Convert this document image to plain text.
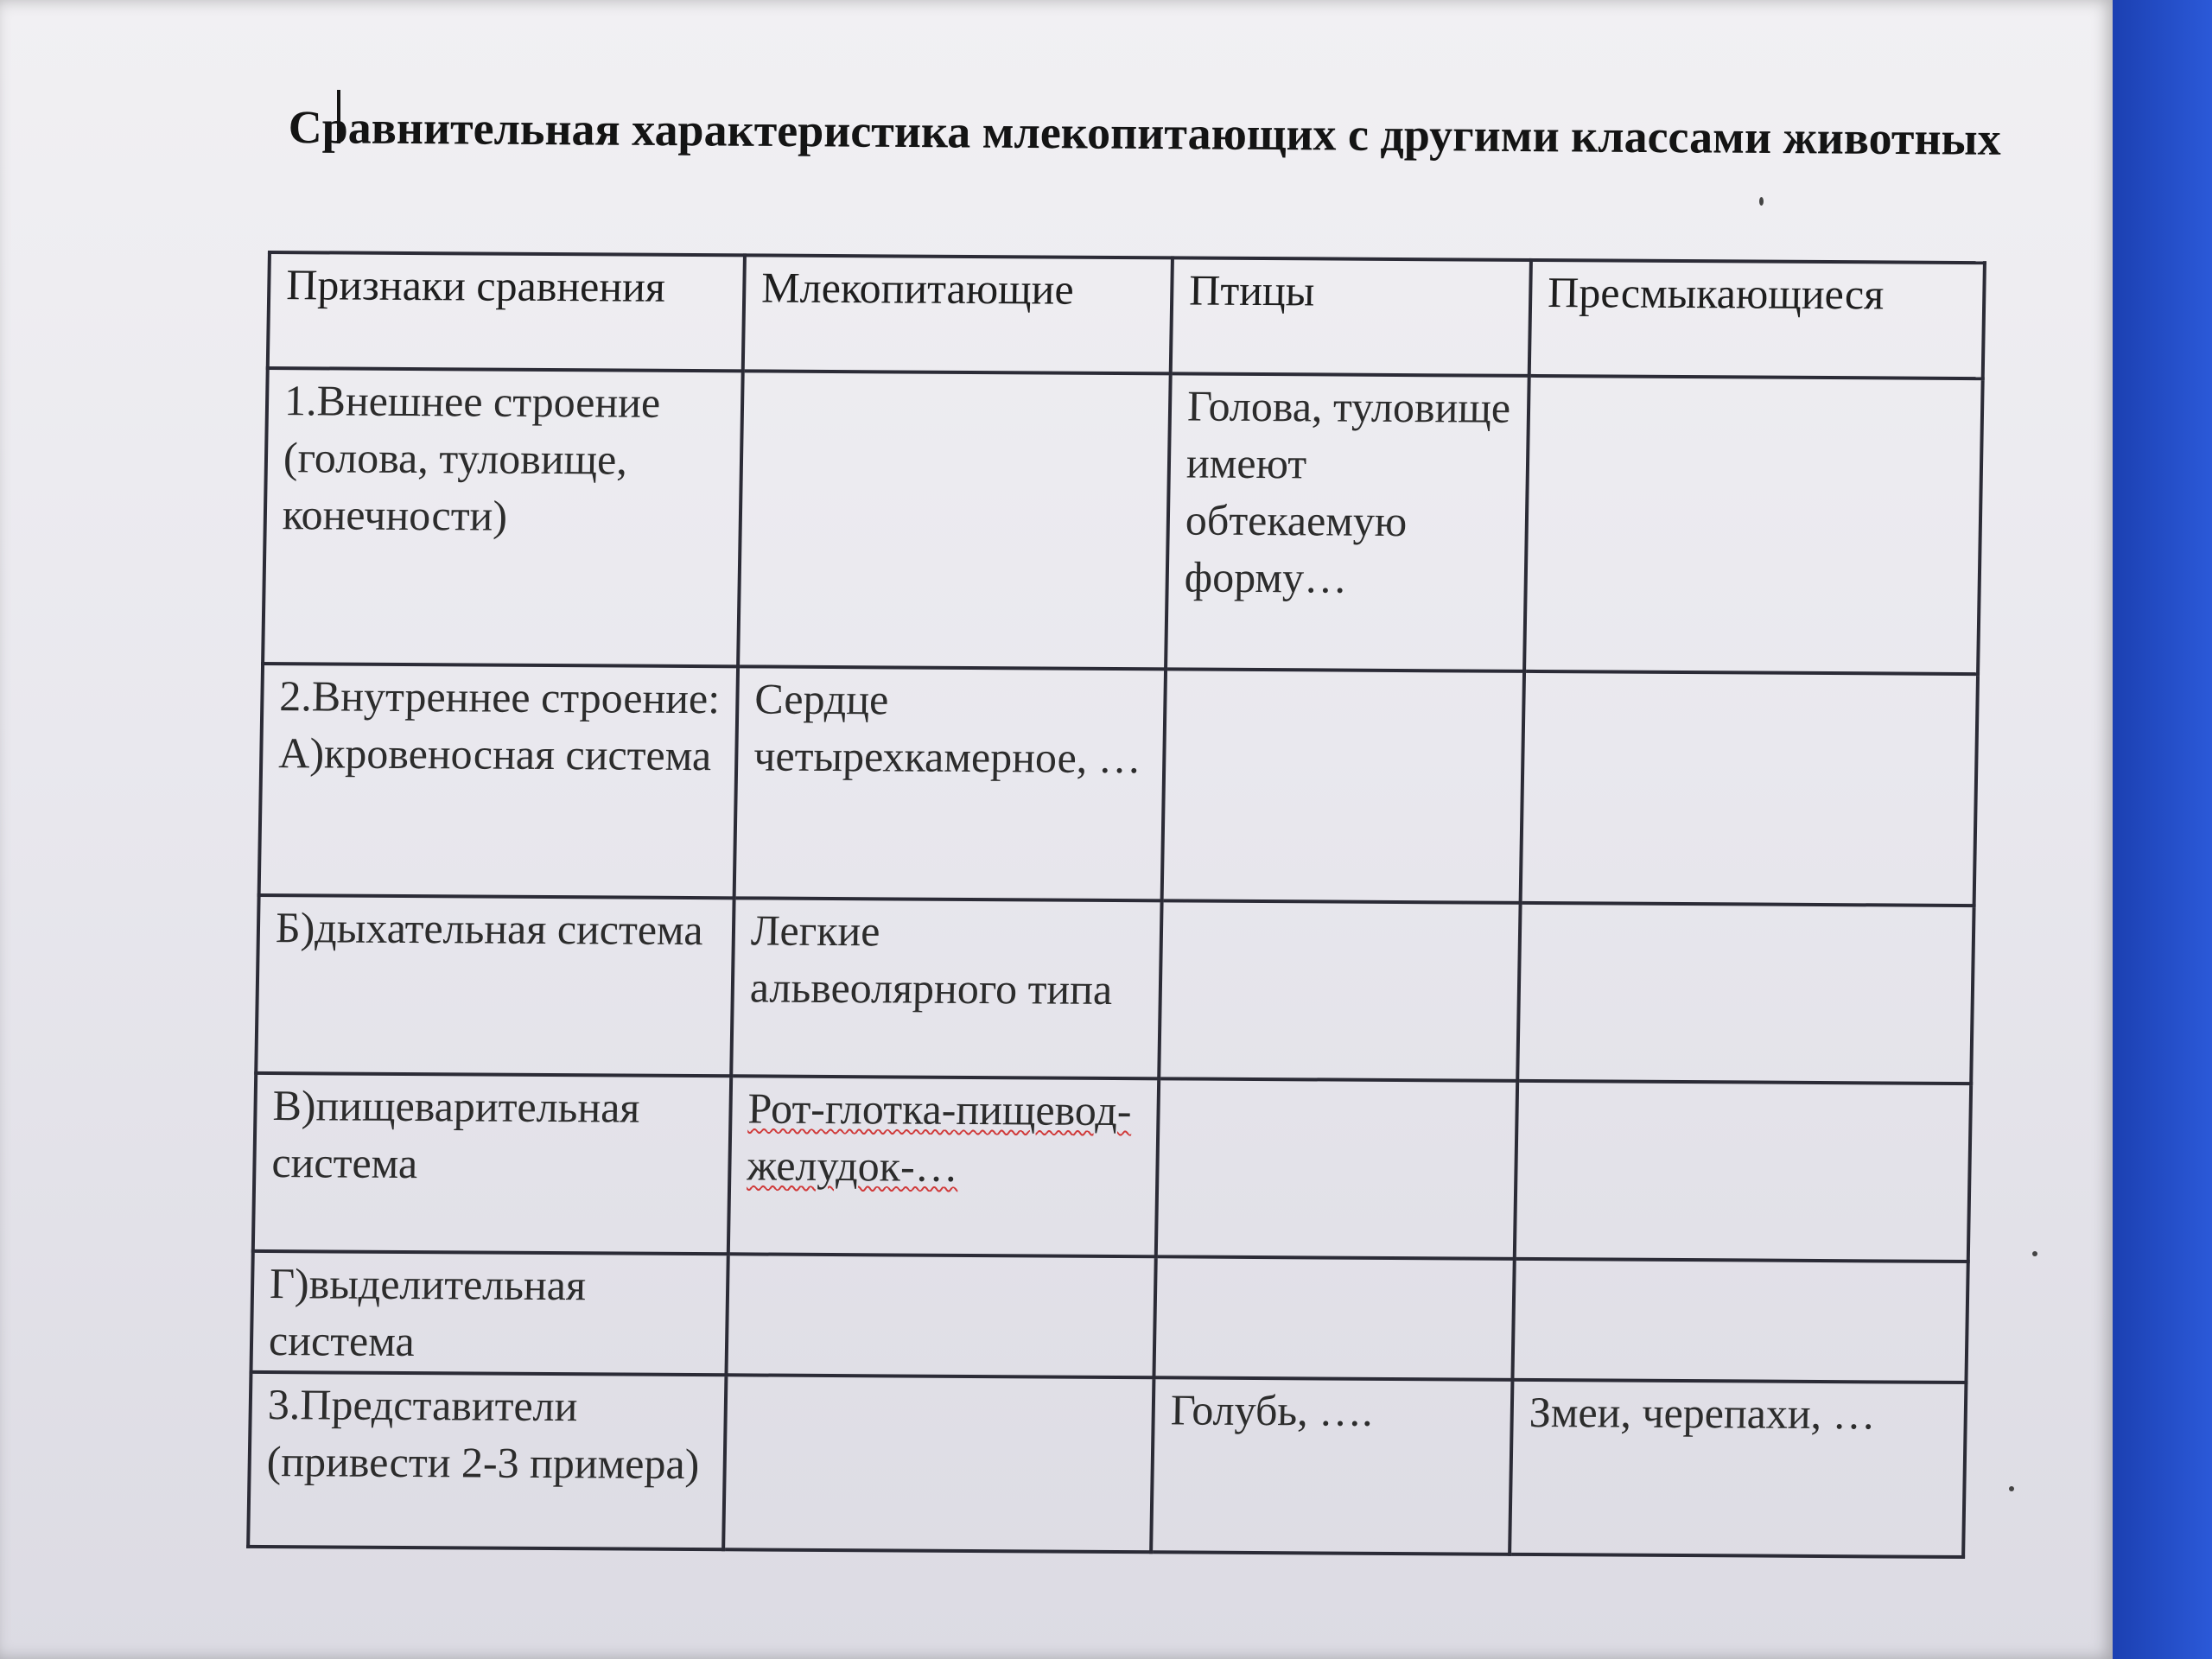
Сравнительная характеристика млекопитающих с другими классами животных
Признаки сравнения	Млекопитающие	Птицы	Пресмыкающиеся
1.Внешнее строение (голова, туловище, конечности)		Голова, туловище имеют обтекаемую форму…	
2.Внутреннее строение: А)кровеносная система	Сердце четырехкамерное, …		
Б)дыхательная система	Легкие альвеолярного типа		
В)пищеварительная система	Рот-глотка-пищевод-желудок-…		
Г)выделительная система			
3.Представители (привести 2-3 примера)		Голубь, ….	Змеи, черепахи, …
